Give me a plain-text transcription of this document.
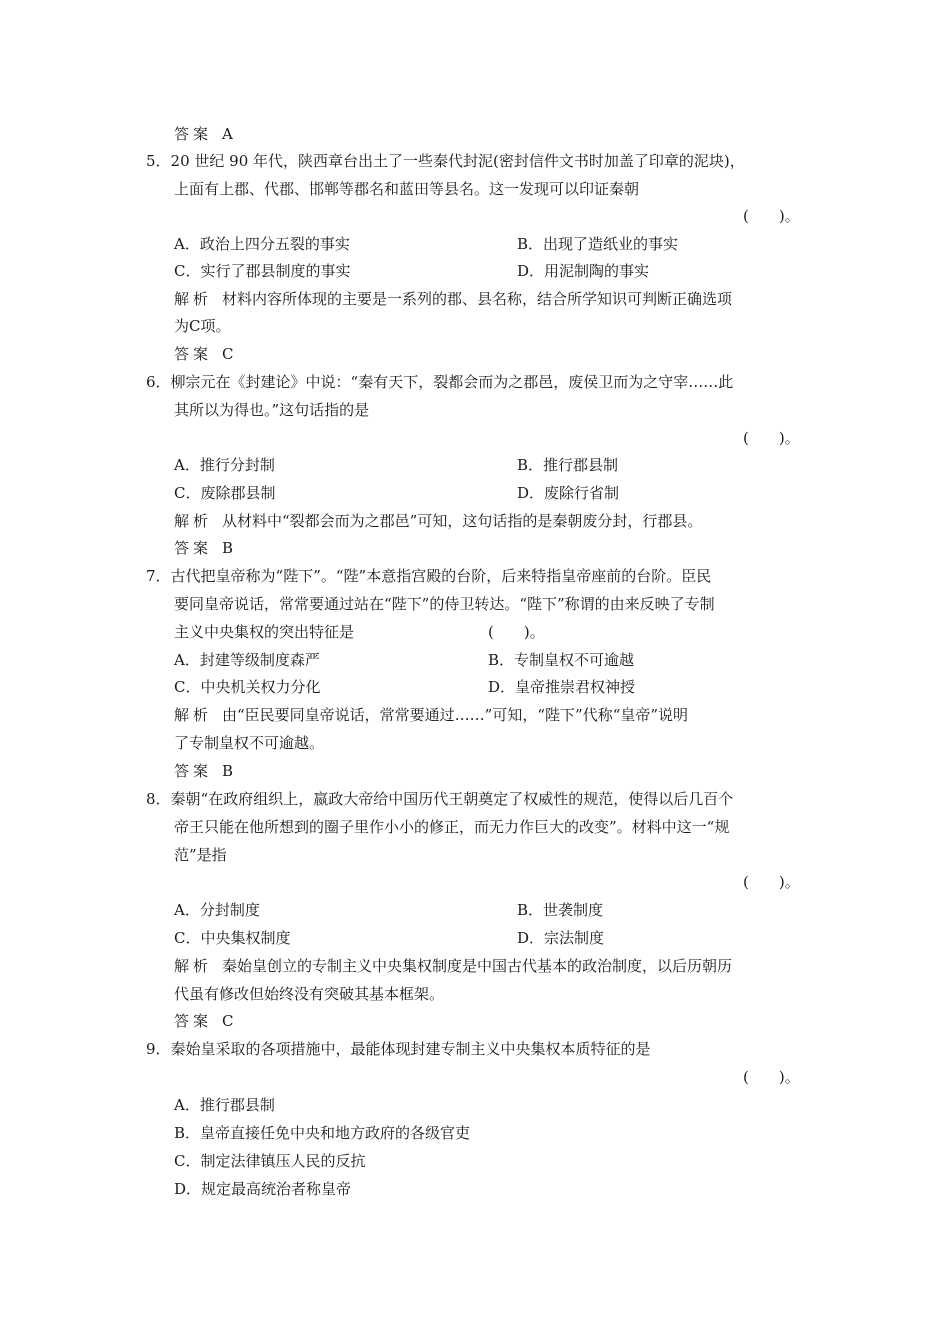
答案 A
5．20 世纪 90 年代，陕西章台出土了一些秦代封泥(密封信件文书时加盖了印章的泥块)，
上面有上郡、代郡、邯郸等郡名和蓝田等县名。这一发现可以印证秦朝
(　　)。
A．政治上四分五裂的事实	B．出现了造纸业的事实
C．实行了郡县制度的事实	D．用泥制陶的事实
解析 材料内容所体现的主要是一系列的郡、县名称，结合所学知识可判断正确选项
为C项。
答案 C
6．柳宗元在《封建论》中说：“秦有天下，裂都会而为之郡邑，废侯卫而为之守宰……此
其所以为得也。”这句话指的是
(　　)。
A．推行分封制	B．推行郡县制
C．废除郡县制	D．废除行省制
解析 从材料中“裂都会而为之郡邑”可知，这句话指的是秦朝废分封，行郡县。
答案 B
7．古代把皇帝称为“陛下”。“陛”本意指宫殿的台阶，后来特指皇帝座前的台阶。臣民
要同皇帝说话，常常要通过站在“陛下”的侍卫转达。“陛下”称谓的由来反映了专制
主义中央集权的突出特征是	(　　)。
A．封建等级制度森严	B．专制皇权不可逾越
C．中央机关权力分化	D．皇帝推崇君权神授
解析 由“臣民要同皇帝说话，常常要通过……”可知，“陛下”代称“皇帝”说明
了专制皇权不可逾越。
答案 B
8．秦朝“在政府组织上，嬴政大帝给中国历代王朝奠定了权威性的规范，使得以后几百个
帝王只能在他所想到的圈子里作小小的修正，而无力作巨大的改变”。材料中这一“规
范”是指
(　　)。
A．分封制度	B．世袭制度
C．中央集权制度	D．宗法制度
解析 秦始皇创立的专制主义中央集权制度是中国古代基本的政治制度，以后历朝历
代虽有修改但始终没有突破其基本框架。
答案 C
9．秦始皇采取的各项措施中，最能体现封建专制主义中央集权本质特征的是
(　　)。
A．推行郡县制
B．皇帝直接任免中央和地方政府的各级官吏
C．制定法律镇压人民的反抗
D．规定最高统治者称皇帝
